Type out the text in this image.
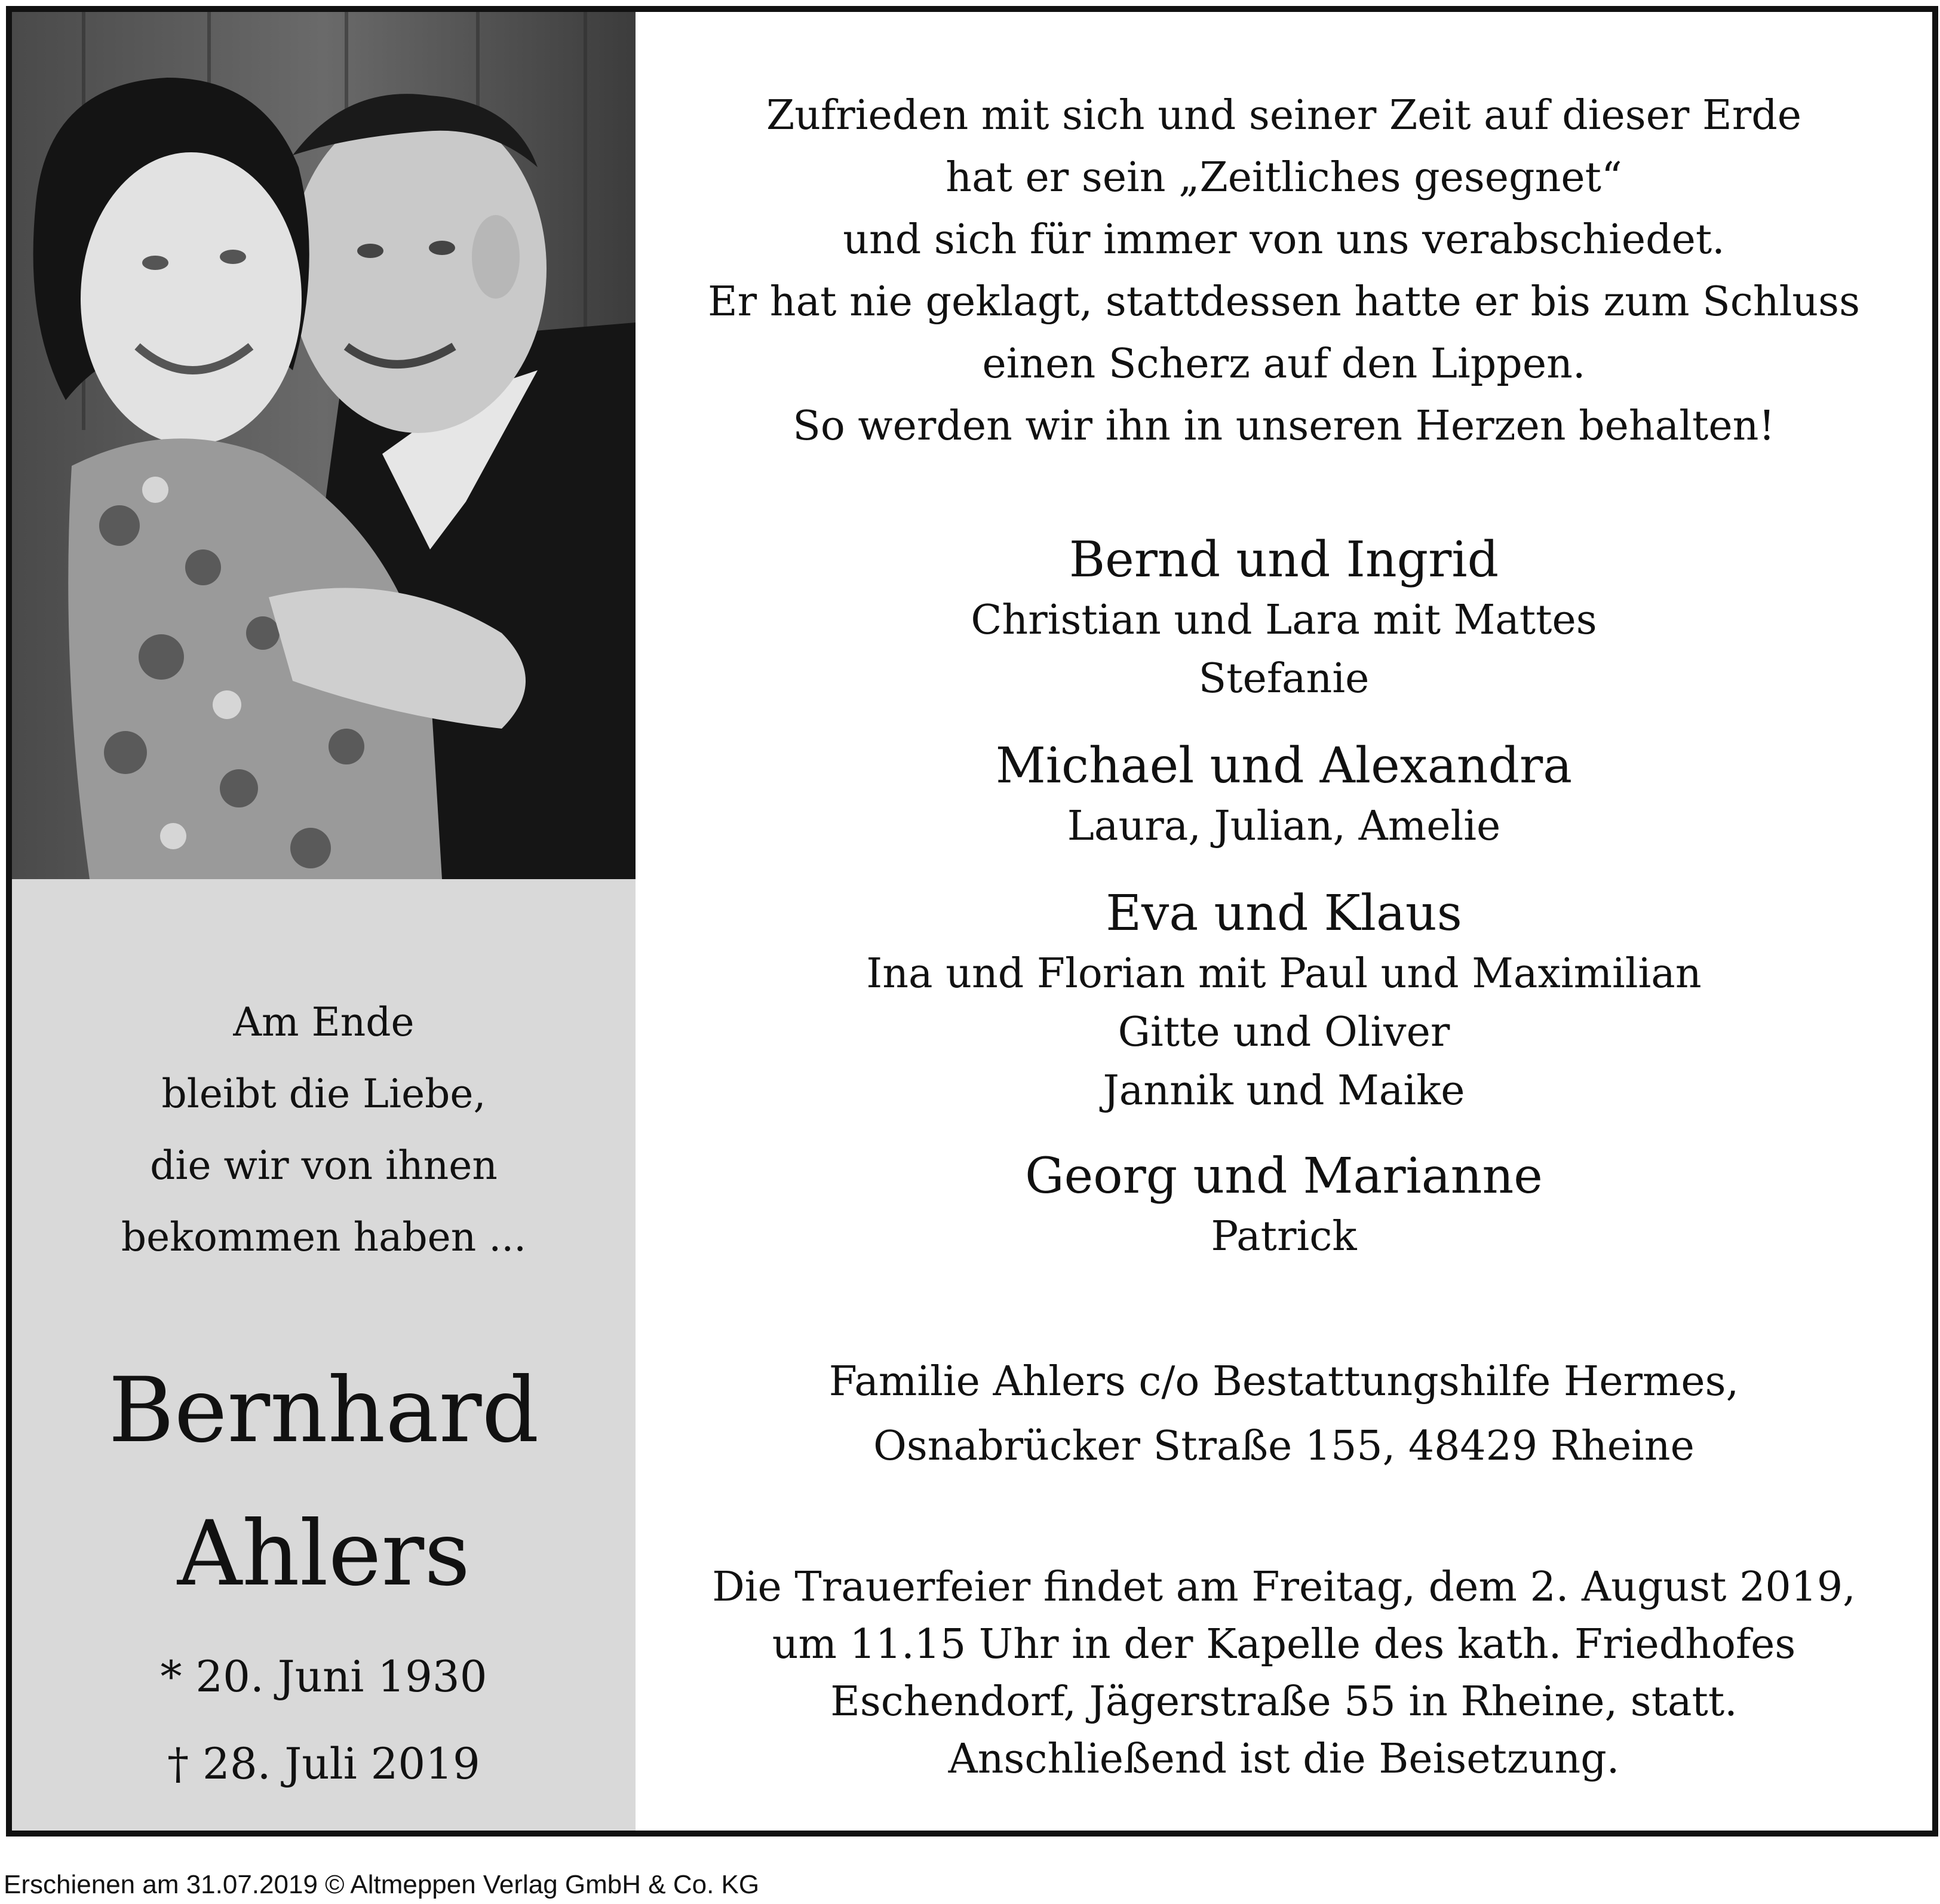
Am Ende
bleibt die Liebe,
die wir von ihnen
bekommen haben ...
Bernhard
Ahlers
* 20. Juni 1930
† 28. Juli 2019
Zufrieden mit sich und seiner Zeit auf dieser Erde
hat er sein „Zeitliches gesegnet“
und sich für immer von uns verabschiedet.
Er hat nie geklagt, stattdessen hatte er bis zum Schluss
einen Scherz auf den Lippen.
So werden wir ihn in unseren Herzen behalten!
Bernd und Ingrid
Christian und Lara mit Mattes
Stefanie
Michael und Alexandra
Laura, Julian, Amelie
Eva und Klaus
Ina und Florian mit Paul und Maximilian
Gitte und Oliver
Jannik und Maike
Georg und Marianne
Patrick
Familie Ahlers c/o Bestattungshilfe Hermes,
Osnabrücker Straße 155, 48429 Rheine
Die Trauerfeier findet am Freitag, dem 2. August 2019,
um 11.15 Uhr in der Kapelle des kath. Friedhofes
Eschendorf, Jägerstraße 55 in Rheine, statt.
Anschließend ist die Beisetzung.
Erschienen am 31.07.2019 © Altmeppen Verlag GmbH & Co. KG
